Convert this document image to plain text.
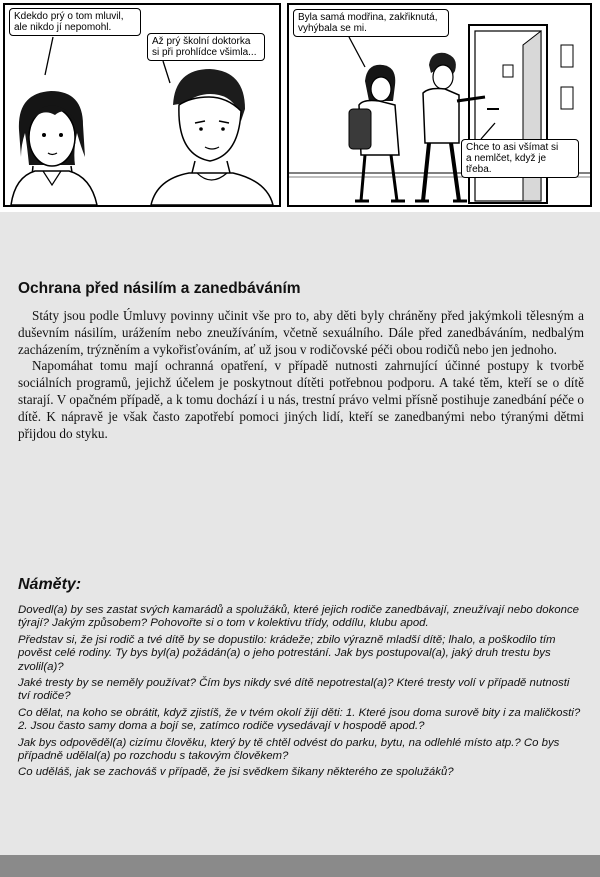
Kdekdo prý o tom mluvil,
ale nikdo jí nepomohl.
Až prý školní doktorka
si při prohlídce všimla...
Byla samá modřina, zakřiknutá,
vyhýbala se mi.
Chce to asi všímat si
a nemlčet, když je třeba.
Ochrana před násilím a zanedbáváním

Státy jsou podle Úmluvy povinny učinit vše pro to, aby děti byly chráněny před jakýmkoli tělesným a duševním násilím, urážením nebo zneužíváním, včetně sexuálního. Dále před zanedbáváním, nedbalým zacházením, trýzněním a vykořisťováním, ať už jsou v rodičovské péči obou rodičů nebo jen jednoho.

Napomáhat tomu mají ochranná opatření, v případě nutnosti zahrnující účinné postupy k tvorbě sociálních programů, jejichž účelem je poskytnout dítěti potřebnou podporu. A také těm, kteří se o dítě starají. V opačném případě, a k tomu dochází i u nás, trestní právo velmi přísně postihuje zanedbání péče o dítě. K nápravě je však často zapotřebí pomoci jiných lidí, kteří se zanedbanými nebo týranými dětmi přijdou do styku.

Náměty:
Dovedl(a) by ses zastat svých kamarádů a spolužáků, které jejich rodiče zanedbávají, zneužívají nebo dokonce týrají? Jakým způsobem? Pohovořte si o tom v kolektivu třídy, oddílu, klubu apod.
Představ si, že jsi rodič a tvé dítě by se dopustilo: krádeže; zbilo výrazně mladší dítě; lhalo, a poškodilo tím pověst celé rodiny. Ty bys byl(a) požádán(a) o jeho potrestání. Jak bys postupoval(a), jaký druh trestu bys zvolil(a)?
Jaké tresty by se neměly používat? Čím bys nikdy své dítě nepotrestal(a)? Které tresty volí v případě nutnosti tví rodiče?
Co dělat, na koho se obrátit, když zjistíš, že v tvém okolí žijí děti: 1. Které jsou doma surově bity i za maličkosti? 2. Jsou často samy doma a bojí se, zatímco rodiče vysedávají v hospodě apod.?
Jak bys odpověděl(a) cizímu člověku, který by tě chtěl odvést do parku, bytu, na odlehlé místo atp.? Co bys případně udělal(a) po rozchodu s takovým člověkem?
Co uděláš, jak se zachováš v případě, že jsi svědkem šikany některého ze spolužáků?
